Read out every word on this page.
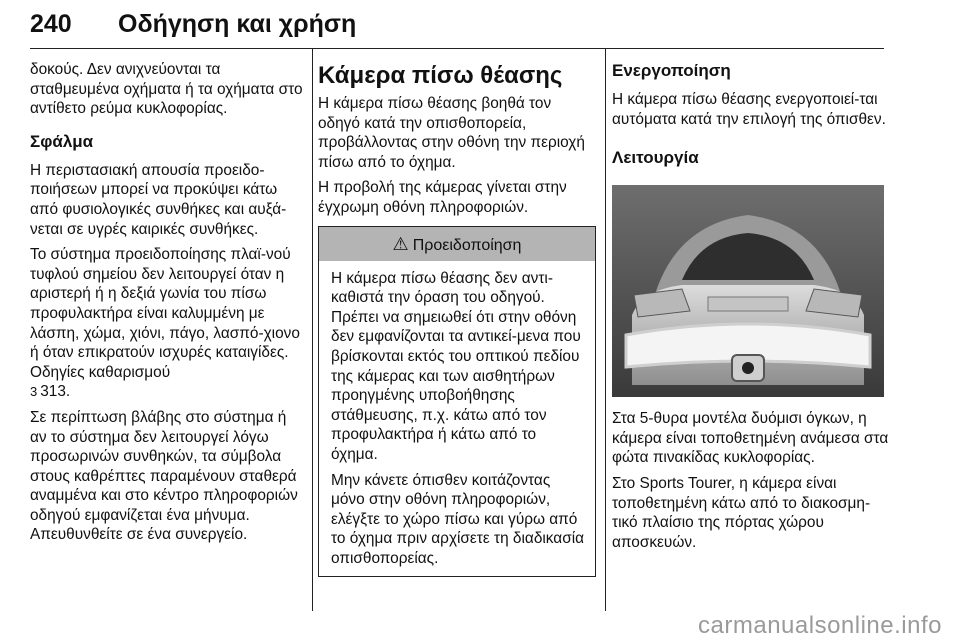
240 Οδήγηση και χρήση

δοκούς. Δεν ανιχνεύονται τα σταθμευμένα οχήματα ή τα οχήματα στο αντίθετο ρεύμα κυκλοφορίας.

Σφάλμα

Η περιστασιακή απουσία προειδο-ποιήσεων μπορεί να προκύψει κάτω από φυσιολογικές συνθήκες και αυξά-νεται σε υγρές καιρικές συνθήκες.

Το σύστημα προειδοποίησης πλαϊ-νού τυφλού σημείου δεν λειτουργεί όταν η αριστερή ή η δεξιά γωνία του πίσω προφυλακτήρα είναι καλυμμένη με λάσπη, χώμα, χιόνι, πάγο, λασπό-χιονο ή όταν επικρατούν ισχυρές καταιγίδες. Οδηγίες καθαρισμού
3 313.

Σε περίπτωση βλάβης στο σύστημα ή αν το σύστημα δεν λειτουργεί λόγω προσωρινών συνθηκών, τα σύμβολα στους καθρέπτες παραμένουν σταθερά αναμμένα και στο κέντρο πληροφοριών οδηγού εμφανίζεται ένα μήνυμα. Απευθυνθείτε σε ένα συνεργείο.

Κάμερα πίσω θέασης

Η κάμερα πίσω θέασης βοηθά τον οδηγό κατά την οπισθοπορεία, προβάλλοντας στην οθόνη την περιοχή πίσω από το όχημα.

Η προβολή της κάμερας γίνεται στην έγχρωμη οθόνη πληροφοριών.

⚠ Προειδοποίηση

Η κάμερα πίσω θέασης δεν αντι-καθιστά την όραση του οδηγού. Πρέπει να σημειωθεί ότι στην οθόνη δεν εμφανίζονται τα αντικεί-μενα που βρίσκονται εκτός του οπτικού πεδίου της κάμερας και των αισθητήρων προηγμένης υποβοήθησης στάθμευσης, π.χ. κάτω από τον προφυλακτήρα ή κάτω από το όχημα.

Μην κάνετε όπισθεν κοιτάζοντας μόνο στην οθόνη πληροφοριών, ελέγξτε το χώρο πίσω και γύρω από το όχημα πριν αρχίσετε τη διαδικασία οπισθοπορείας.

Ενεργοποίηση

Η κάμερα πίσω θέασης ενεργοποιεί-ται αυτόματα κατά την επιλογή της όπισθεν.

Λειτουργία

Στα 5-θυρα μοντέλα δυόμισι όγκων, η κάμερα είναι τοποθετημένη ανάμεσα στα φώτα πινακίδας κυκλοφορίας.

Στο Sports Tourer, η κάμερα είναι τοποθετημένη κάτω από το διακοσμη-τικό πλαίσιο της πόρτας χώρου αποσκευών.

carmanualsonline.info
